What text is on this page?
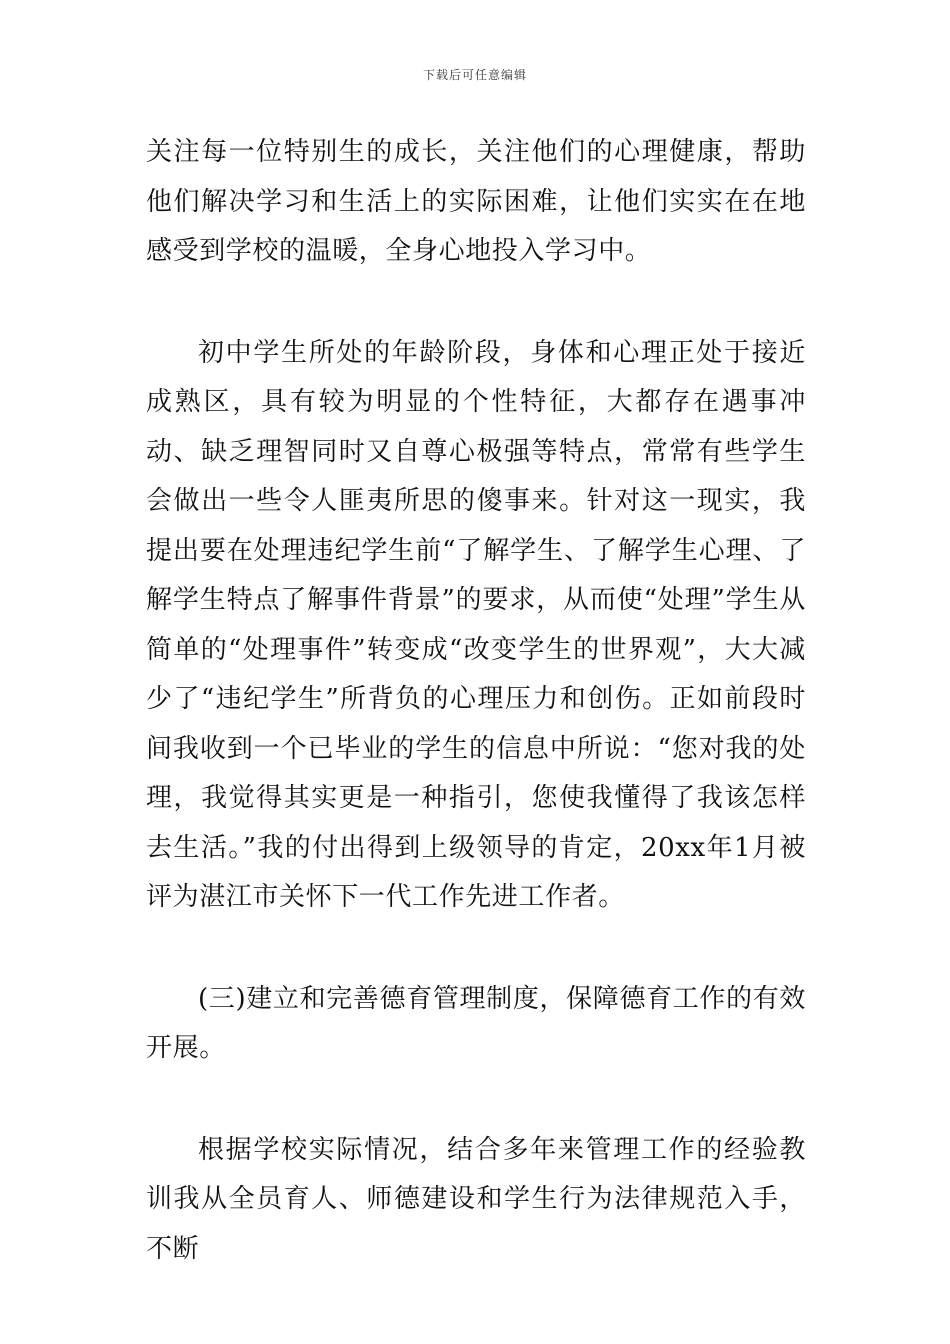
下载后可任意编辑

关注每一位特别生的成长，关注他们的心理健康，帮助他们解决学习和生活上的实际困难，让他们实实在在地感受到学校的温暖，全身心地投入学习中。

初中学生所处的年龄阶段，身体和心理正处于接近成熟区，具有较为明显的个性特征，大都存在遇事冲动、缺乏理智同时又自尊心极强等特点，常常有些学生会做出一些令人匪夷所思的傻事来。针对这一现实，我提出要在处理违纪学生前“了解学生、了解学生心理、了解学生特点了解事件背景”的要求，从而使“处理”学生从简单的“处理事件”转变成“改变学生的世界观”，大大减少了“违纪学生”所背负的心理压力和创伤。正如前段时间我收到一个已毕业的学生的信息中所说：“您对我的处理，我觉得其实更是一种指引，您使我懂得了我该怎样去生活。”我的付出得到上级领导的肯定，20xx年1月被评为湛江市关怀下一代工作先进工作者。

(三)建立和完善德育管理制度，保障德育工作的有效开展。

根据学校实际情况，结合多年来管理工作的经验教训我从全员育人、师德建设和学生行为法律规范入手，不断
